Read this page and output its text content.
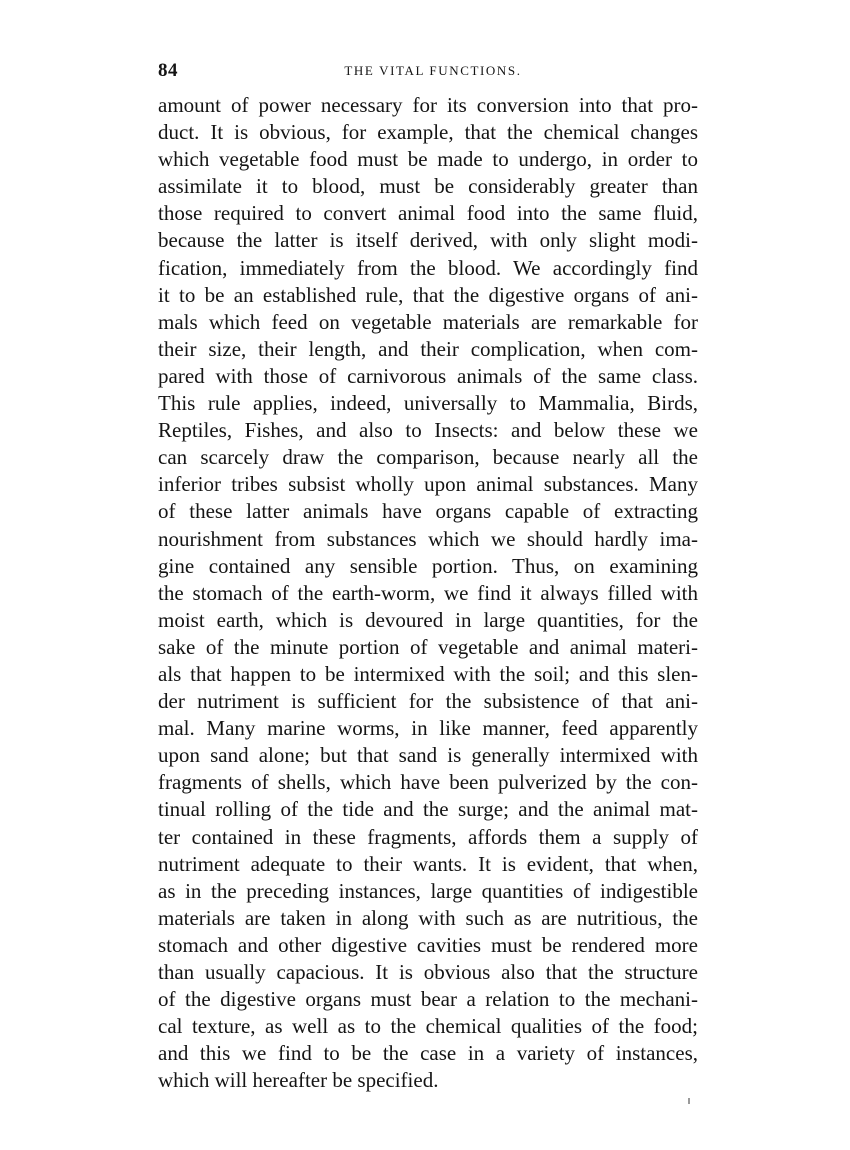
84	THE VITAL FUNCTIONS.
amount of power necessary for its conversion into that pro-
duct. It is obvious, for example, that the chemical changes
which vegetable food must be made to undergo, in order to
assimilate it to blood, must be considerably greater than
those required to convert animal food into the same fluid,
because the latter is itself derived, with only slight modi-
fication, immediately from the blood. We accordingly find
it to be an established rule, that the digestive organs of ani-
mals which feed on vegetable materials are remarkable for
their size, their length, and their complication, when com-
pared with those of carnivorous animals of the same class.
This rule applies, indeed, universally to Mammalia, Birds,
Reptiles, Fishes, and also to Insects: and below these we
can scarcely draw the comparison, because nearly all the
inferior tribes subsist wholly upon animal substances. Many
of these latter animals have organs capable of extracting
nourishment from substances which we should hardly ima-
gine contained any sensible portion. Thus, on examining
the stomach of the earth-worm, we find it always filled with
moist earth, which is devoured in large quantities, for the
sake of the minute portion of vegetable and animal materi-
als that happen to be intermixed with the soil; and this slen-
der nutriment is sufficient for the subsistence of that ani-
mal. Many marine worms, in like manner, feed apparently
upon sand alone; but that sand is generally intermixed with
fragments of shells, which have been pulverized by the con-
tinual rolling of the tide and the surge; and the animal mat-
ter contained in these fragments, affords them a supply of
nutriment adequate to their wants. It is evident, that when,
as in the preceding instances, large quantities of indigestible
materials are taken in along with such as are nutritious, the
stomach and other digestive cavities must be rendered more
than usually capacious. It is obvious also that the structure
of the digestive organs must bear a relation to the mechani-
cal texture, as well as to the chemical qualities of the food;
and this we find to be the case in a variety of instances,
which will hereafter be specified.
